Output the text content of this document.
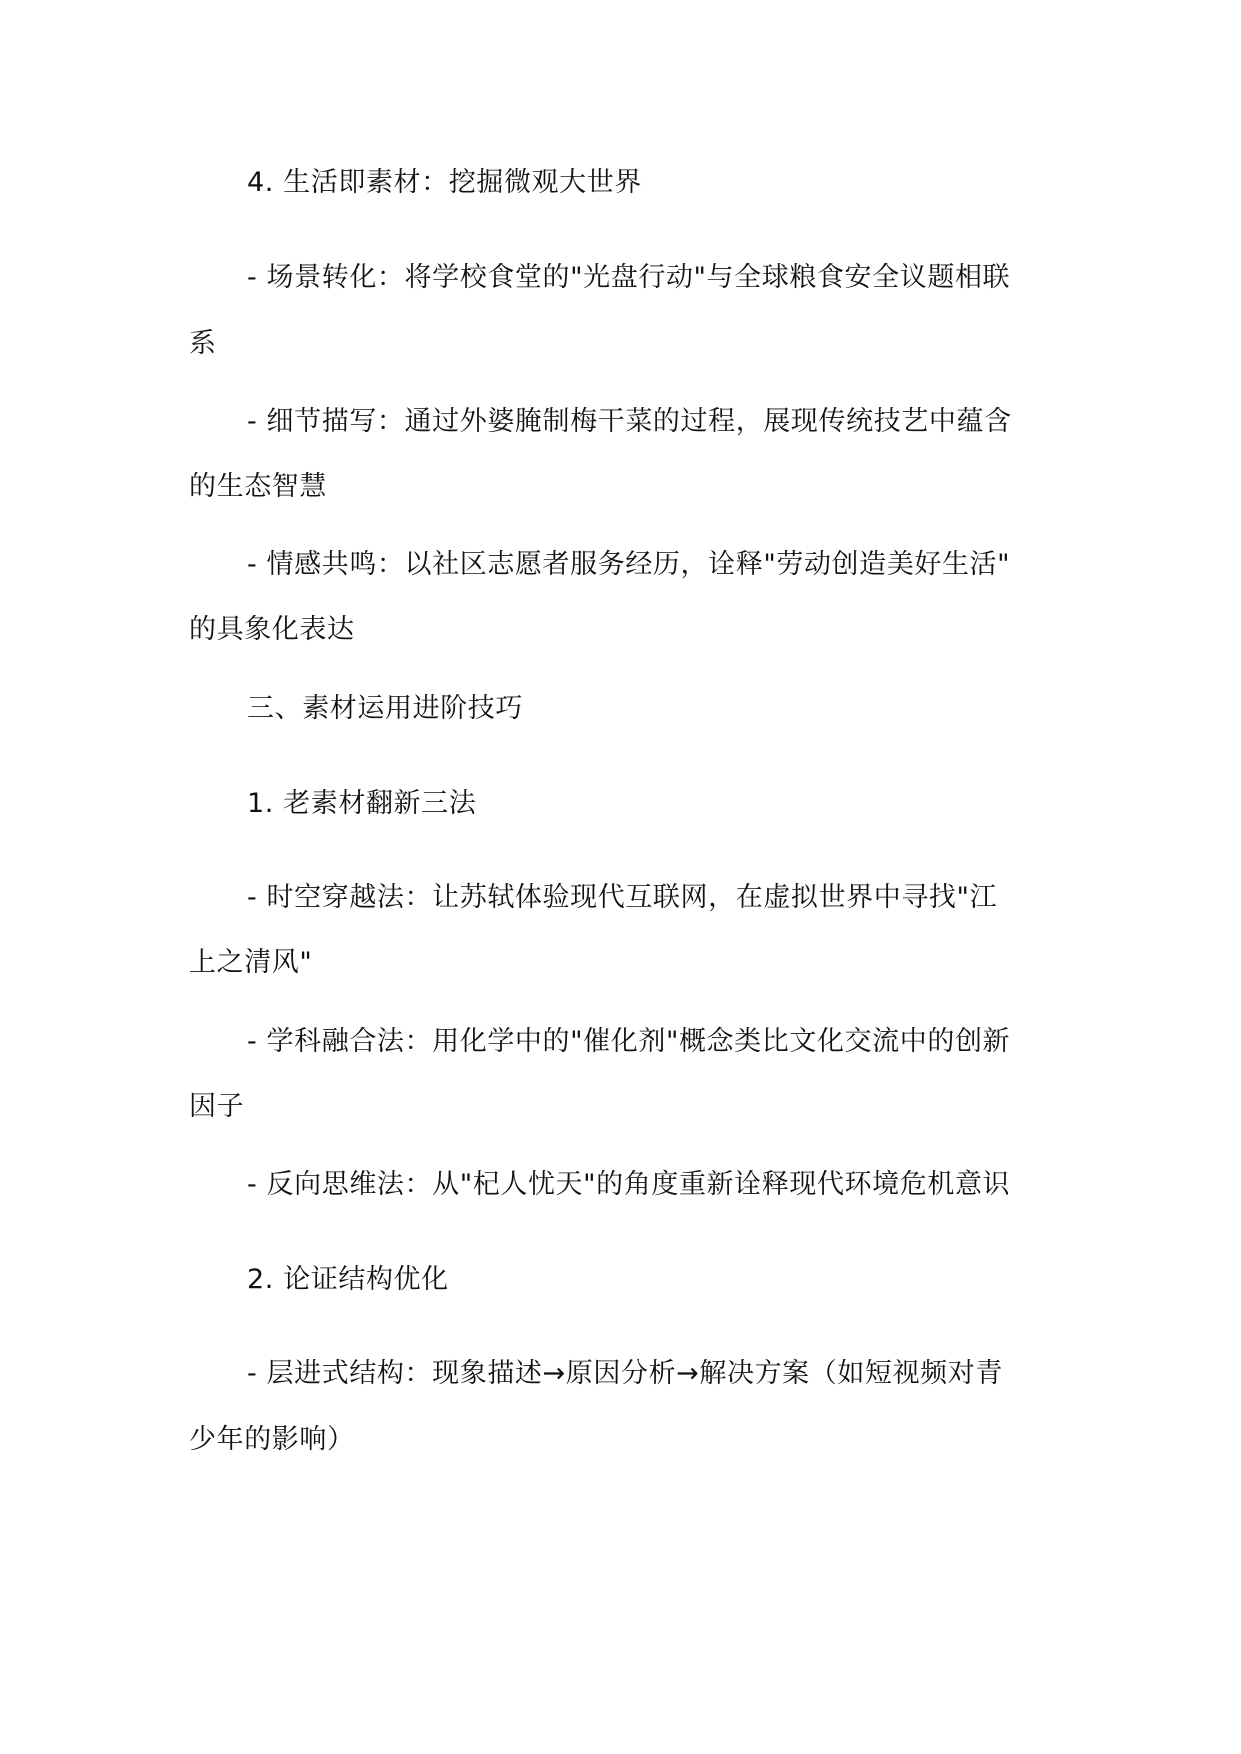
4. 生活即素材：挖掘微观大世界
- 场景转化：将学校食堂的"光盘行动"与全球粮食安全议题相联
系
- 细节描写：通过外婆腌制梅干菜的过程，展现传统技艺中蕴含
的生态智慧
- 情感共鸣：以社区志愿者服务经历，诠释"劳动创造美好生活"
的具象化表达
三、素材运用进阶技巧
1. 老素材翻新三法
- 时空穿越法：让苏轼体验现代互联网，在虚拟世界中寻找"江
上之清风"
- 学科融合法：用化学中的"催化剂"概念类比文化交流中的创新
因子
- 反向思维法：从"杞人忧天"的角度重新诠释现代环境危机意识
2. 论证结构优化
- 层进式结构：现象描述→原因分析→解决方案（如短视频对青
少年的影响）
